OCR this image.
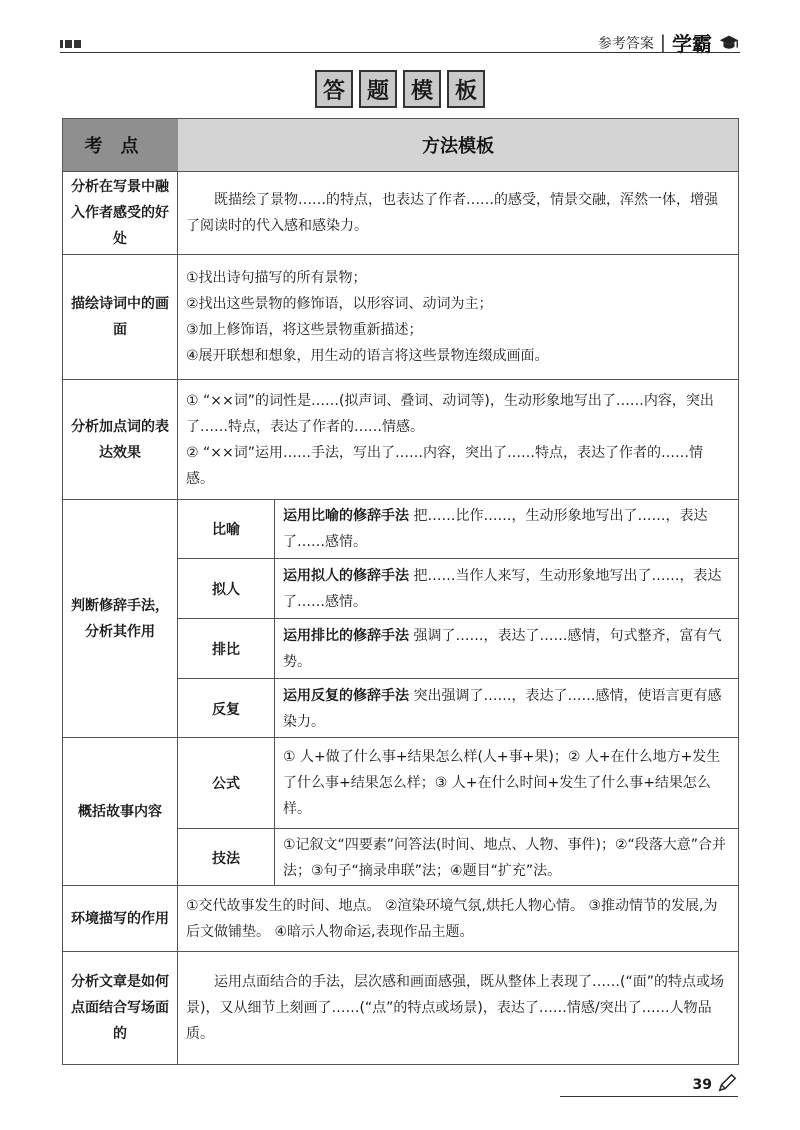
参考答案 | 学霸
答 题 模 板
考点	方法模板
分析在写景中融入作者感受的好处
既描绘了景物……的特点，也表达了作者……的感受，情景交融，浑然一体，增强了阅读时的代入感和感染力。
描绘诗词中的画面
①找出诗句描写的所有景物；
②找出这些景物的修饰语，以形容词、动词为主；
③加上修饰语，将这些景物重新描述；
④展开联想和想象，用生动的语言将这些景物连缀成画面。
分析加点词的表达效果
① “××词”的词性是……(拟声词、叠词、动词等)，生动形象地写出了……内容，突出了……特点，表达了作者的……情感。
② “××词”运用……手法，写出了……内容，突出了……特点，表达了作者的……情感。
判断修辞手法，分析其作用
比喻
运用比喻的修辞手法 把……比作……，生动形象地写出了……，表达了……感情。
拟人
运用拟人的修辞手法 把……当作人来写，生动形象地写出了……，表达了……感情。
排比
运用排比的修辞手法 强调了……，表达了……感情，句式整齐，富有气势。
反复
运用反复的修辞手法 突出强调了……，表达了……感情，使语言更有感染力。
概括故事内容
公式
① 人+做了什么事+结果怎么样(人+事+果)；② 人+在什么地方+发生了什么事+结果怎么样；③ 人+在什么时间+发生了什么事+结果怎么样。
技法
①记叙文“四要素”问答法(时间、地点、人物、事件)；②“段落大意”合并法；③句子“摘录串联”法；④题目“扩充”法。
环境描写的作用
①交代故事发生的时间、地点。 ②渲染环境气氛,烘托人物心情。 ③推动情节的发展,为后文做铺垫。 ④暗示人物命运,表现作品主题。
分析文章是如何点面结合写场面的
运用点面结合的手法，层次感和画面感强，既从整体上表现了……(“面”的特点或场景)，又从细节上刻画了……(“点”的特点或场景)，表达了……情感/突出了……人物品质。
39
